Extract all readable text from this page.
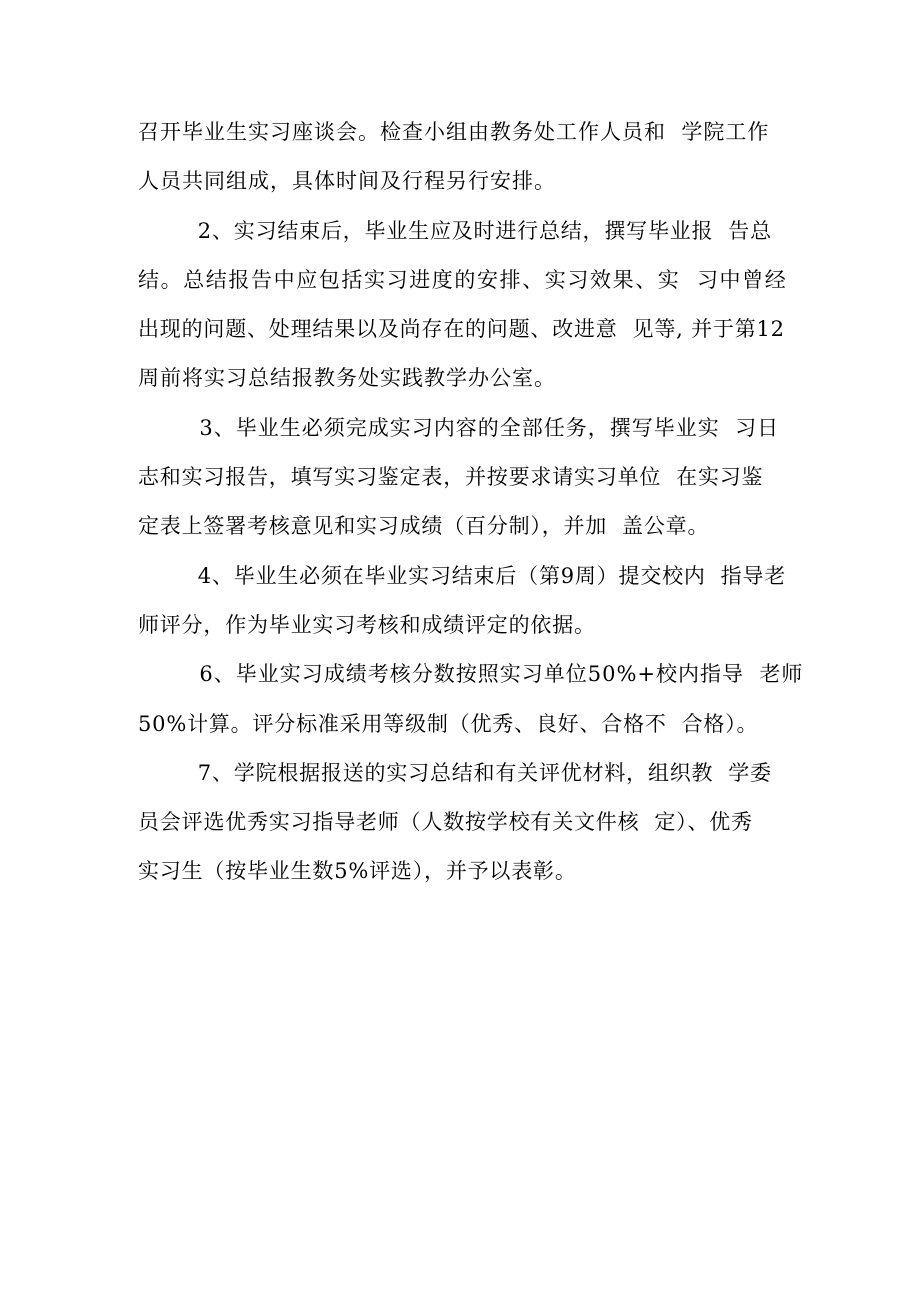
召开毕业生实习座谈会。检查小组由教务处工作人员和  学院工作
人员共同组成，具体时间及行程另行安排。
2、实习结束后，毕业生应及时进行总结，撰写毕业报  告总
结。总结报告中应包括实习进度的安排、实习效果、实  习中曾经
出现的问题、处理结果以及尚存在的问题、改进意  见等, 并于第12
周前将实习总结报教务处实践教学办公室。
3、毕业生必须完成实习内容的全部任务，撰写毕业实  习日
志和实习报告，填写实习鉴定表，并按要求请实习单位  在实习鉴
定表上签署考核意见和实习成绩（百分制），并加  盖公章。
4、毕业生必须在毕业实习结束后（第9周）提交校内  指导老
师评分，作为毕业实习考核和成绩评定的依据。
6、毕业实习成绩考核分数按照实习单位50%+校内指导  老师
50%计算。评分标准采用等级制（优秀、良好、合格不  合格）。
7、学院根据报送的实习总结和有关评优材料，组织教  学委
员会评选优秀实习指导老师（人数按学校有关文件核  定）、优秀
实习生（按毕业生数5%评选），并予以表彰。
